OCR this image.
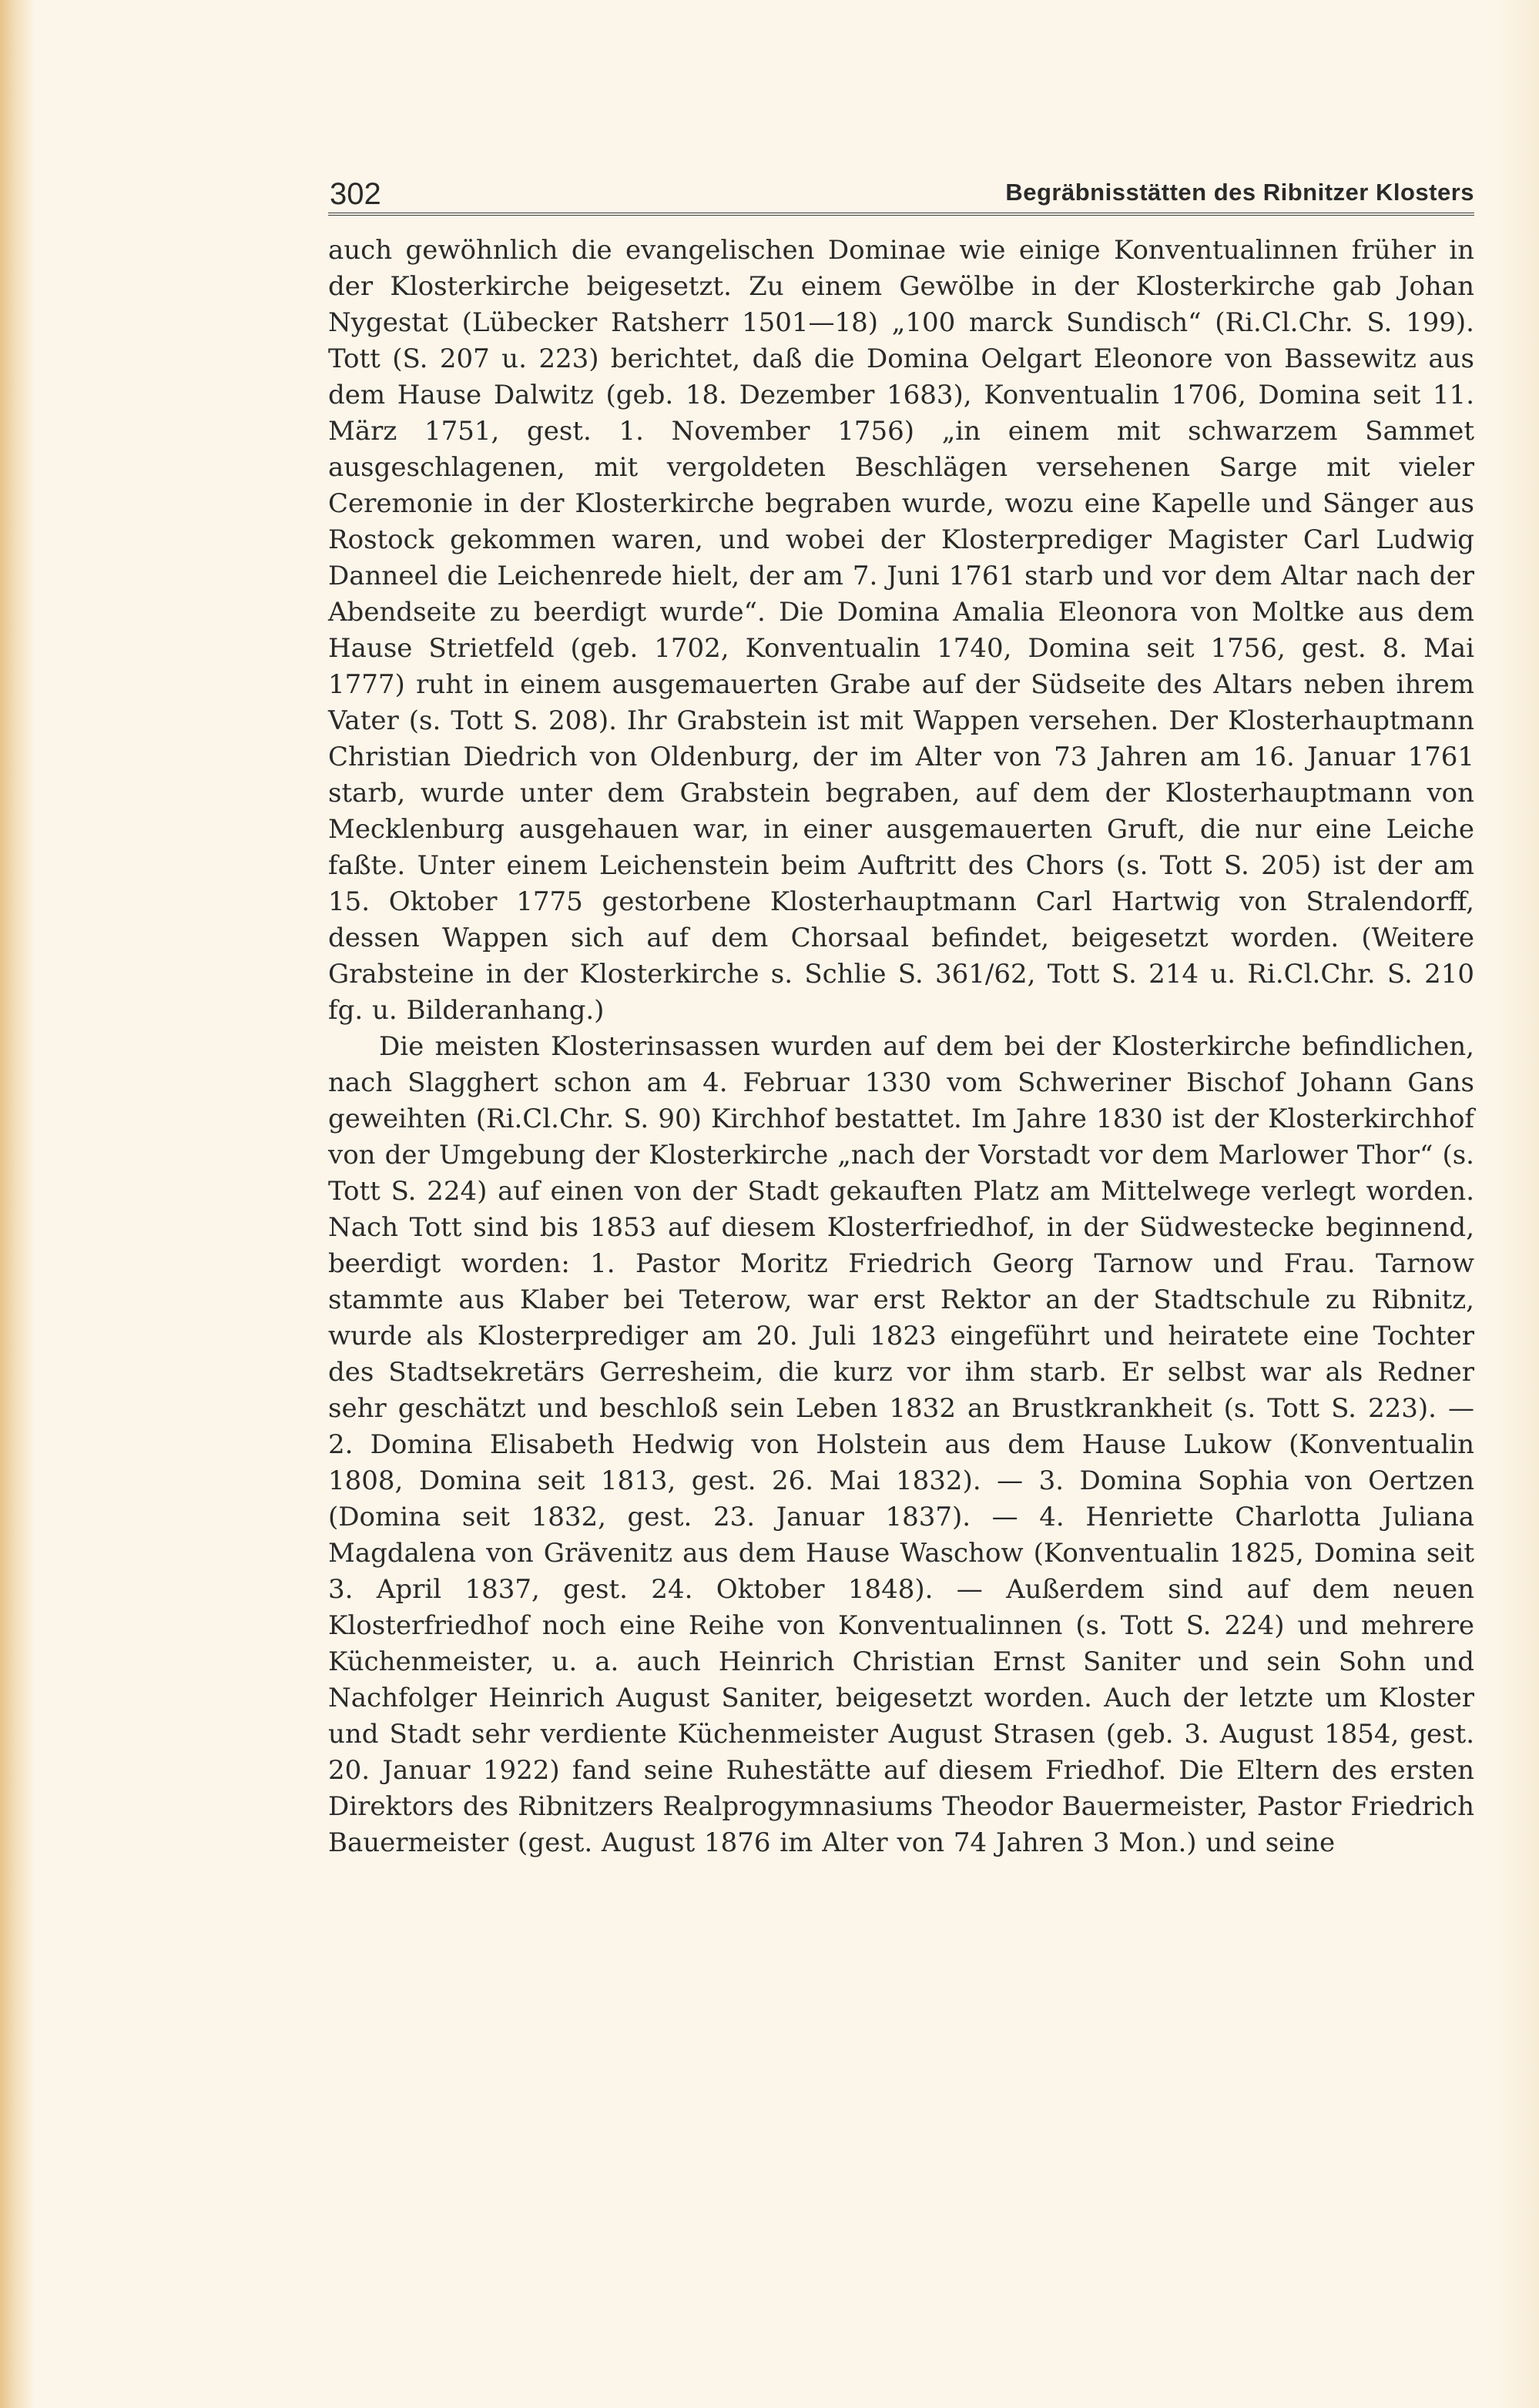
302	Begräbnisstätten des Ribnitzer Klosters

auch gewöhnlich die evangelischen Dominae wie einige Konventualinnen früher in der Klosterkirche beigesetzt. Zu einem Gewölbe in der Klosterkirche gab Johan Nygestat (Lübecker Ratsherr 1501—18) „100 marck Sundisch“ (Ri.Cl.Chr. S. 199). Tott (S. 207 u. 223) berichtet, daß die Domina Oelgart Eleonore von Bassewitz aus dem Hause Dalwitz (geb. 18. Dezember 1683), Konventualin 1706, Domina seit 11. März 1751, gest. 1. November 1756) „in einem mit schwarzem Sammet ausgeschlagenen, mit vergoldeten Beschlägen versehenen Sarge mit vieler Ceremonie in der Klosterkirche begraben wurde, wozu eine Kapelle und Sänger aus Rostock gekommen waren, und wobei der Klosterprediger Magister Carl Ludwig Danneel die Leichenrede hielt, der am 7. Juni 1761 starb und vor dem Altar nach der Abendseite zu beerdigt wurde“. Die Domina Amalia Eleonora von Moltke aus dem Hause Strietfeld (geb. 1702, Konventualin 1740, Domina seit 1756, gest. 8. Mai 1777) ruht in einem ausgemauerten Grabe auf der Südseite des Altars neben ihrem Vater (s. Tott S. 208). Ihr Grabstein ist mit Wappen versehen. Der Klosterhauptmann Christian Diedrich von Oldenburg, der im Alter von 73 Jahren am 16. Januar 1761 starb, wurde unter dem Grabstein begraben, auf dem der Klosterhauptmann von Mecklenburg ausgehauen war, in einer ausgemauerten Gruft, die nur eine Leiche faßte. Unter einem Leichenstein beim Auftritt des Chors (s. Tott S. 205) ist der am 15. Oktober 1775 gestorbene Klosterhauptmann Carl Hartwig von Stralendorff, dessen Wappen sich auf dem Chorsaal befindet, beigesetzt worden. (Weitere Grabsteine in der Klosterkirche s. Schlie S. 361/62, Tott S. 214 u. Ri.Cl.Chr. S. 210 fg. u. Bilderanhang.)

Die meisten Klosterinsassen wurden auf dem bei der Klosterkirche befindlichen, nach Slagghert schon am 4. Februar 1330 vom Schweriner Bischof Johann Gans geweihten (Ri.Cl.Chr. S. 90) Kirchhof bestattet. Im Jahre 1830 ist der Klosterkirchhof von der Umgebung der Klosterkirche „nach der Vorstadt vor dem Marlower Thor“ (s. Tott S. 224) auf einen von der Stadt gekauften Platz am Mittelwege verlegt worden. Nach Tott sind bis 1853 auf diesem Klosterfriedhof, in der Südwestecke beginnend, beerdigt worden: 1. Pastor Moritz Friedrich Georg Tarnow und Frau. Tarnow stammte aus Klaber bei Teterow, war erst Rektor an der Stadtschule zu Ribnitz, wurde als Klosterprediger am 20. Juli 1823 eingeführt und heiratete eine Tochter des Stadtsekretärs Gerresheim, die kurz vor ihm starb. Er selbst war als Redner sehr geschätzt und beschloß sein Leben 1832 an Brustkrankheit (s. Tott S. 223). — 2. Domina Elisabeth Hedwig von Holstein aus dem Hause Lukow (Konventualin 1808, Domina seit 1813, gest. 26. Mai 1832). — 3. Domina Sophia von Oertzen (Domina seit 1832, gest. 23. Januar 1837). — 4. Henriette Charlotta Juliana Magdalena von Grävenitz aus dem Hause Waschow (Konventualin 1825, Domina seit 3. April 1837, gest. 24. Oktober 1848). — Außerdem sind auf dem neuen Klosterfriedhof noch eine Reihe von Konventualinnen (s. Tott S. 224) und mehrere Küchenmeister, u. a. auch Heinrich Christian Ernst Saniter und sein Sohn und Nachfolger Heinrich August Saniter, beigesetzt worden. Auch der letzte um Kloster und Stadt sehr verdiente Küchenmeister August Strasen (geb. 3. August 1854, gest. 20. Januar 1922) fand seine Ruhestätte auf diesem Friedhof. Die Eltern des ersten Direktors des Ribnitzers Realprogymnasiums Theodor Bauermeister, Pastor Friedrich Bauermeister (gest. August 1876 im Alter von 74 Jahren 3 Mon.) und seine
